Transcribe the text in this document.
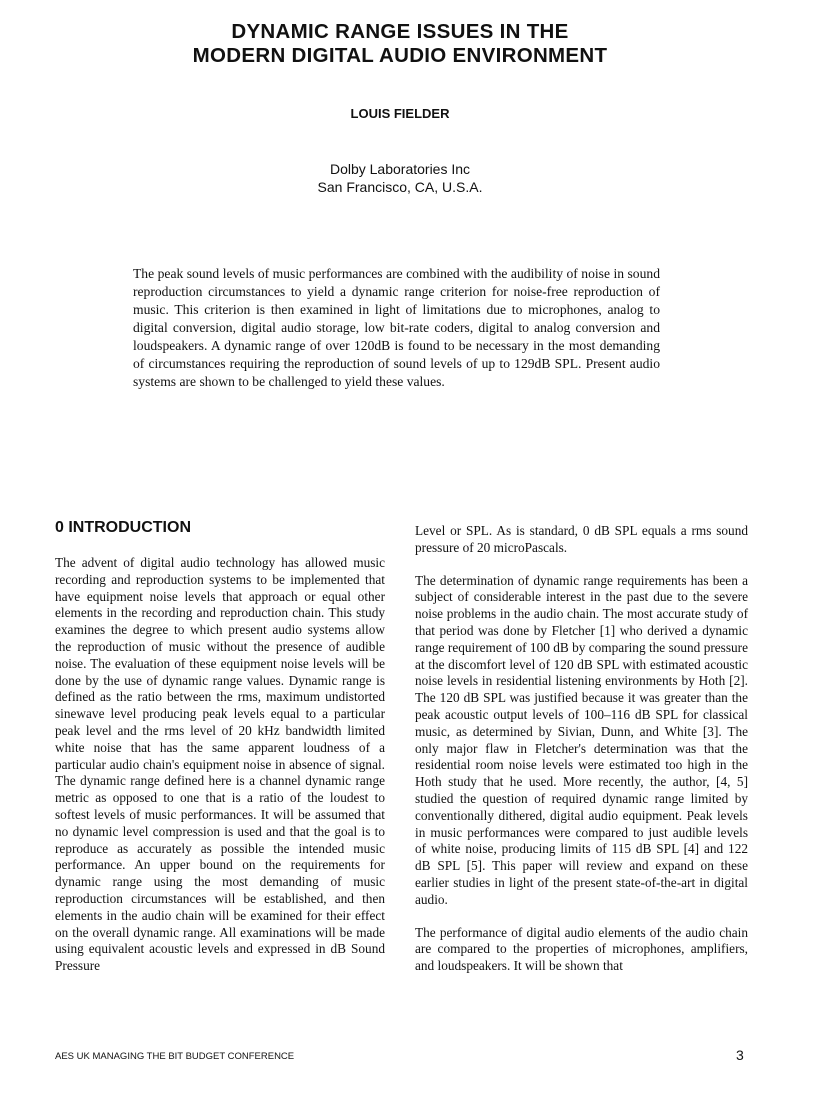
DYNAMIC RANGE ISSUES IN THE
MODERN DIGITAL AUDIO ENVIRONMENT
LOUIS FIELDER
Dolby Laboratories Inc
San Francisco, CA, U.S.A.
The peak sound levels of music performances are combined with the audibility of noise in sound reproduction circumstances to yield a dynamic range criterion for noise-free reproduction of music. This criterion is then examined in light of limitations due to microphones, analog to digital conversion, digital audio storage, low bit-rate coders, digital to analog conversion and loudspeakers. A dynamic range of over 120dB is found to be necessary in the most demanding of circumstances requiring the reproduction of sound levels of up to 129dB SPL. Present audio systems are shown to be challenged to yield these values.
0 INTRODUCTION

The advent of digital audio technology has allowed music recording and reproduction systems to be implemented that have equipment noise levels that approach or equal other elements in the recording and reproduction chain. This study examines the degree to which present audio systems allow the reproduction of music without the presence of audible noise. The evaluation of these equipment noise levels will be done by the use of dynamic range values. Dynamic range is defined as the ratio between the rms, maximum undistorted sinewave level producing peak levels equal to a particular peak level and the rms level of 20 kHz bandwidth limited white noise that has the same apparent loudness of a particular audio chain's equipment noise in absence of signal. The dynamic range defined here is a channel dynamic range metric as opposed to one that is a ratio of the loudest to softest levels of music performances. It will be assumed that no dynamic level compression is used and that the goal is to reproduce as accurately as possible the intended music performance. An upper bound on the requirements for dynamic range using the most demanding of music reproduction circumstances will be established, and then elements in the audio chain will be examined for their effect on the overall dynamic range. All examinations will be made using equivalent acoustic levels and expressed in dB Sound Pressure

Level or SPL. As is standard, 0 dB SPL equals a rms sound pressure of 20 microPascals.

The determination of dynamic range requirements has been a subject of considerable interest in the past due to the severe noise problems in the audio chain. The most accurate study of that period was done by Fletcher [1] who derived a dynamic range requirement of 100 dB by comparing the sound pressure at the discomfort level of 120 dB SPL with estimated acoustic noise levels in residential listening environments by Hoth [2]. The 120 dB SPL was justified because it was greater than the peak acoustic output levels of 100–116 dB SPL for classical music, as determined by Sivian, Dunn, and White [3]. The only major flaw in Fletcher's determination was that the residential room noise levels were estimated too high in the Hoth study that he used. More recently, the author, [4, 5] studied the question of required dynamic range limited by conventionally dithered, digital audio equipment. Peak levels in music performances were compared to just audible levels of white noise, producing limits of 115 dB SPL [4] and 122 dB SPL [5]. This paper will review and expand on these earlier studies in light of the present state-of-the-art in digital audio.

The performance of digital audio elements of the audio chain are compared to the properties of microphones, amplifiers, and loudspeakers. It will be shown that

AES UK MANAGING THE BIT BUDGET CONFERENCE	3
